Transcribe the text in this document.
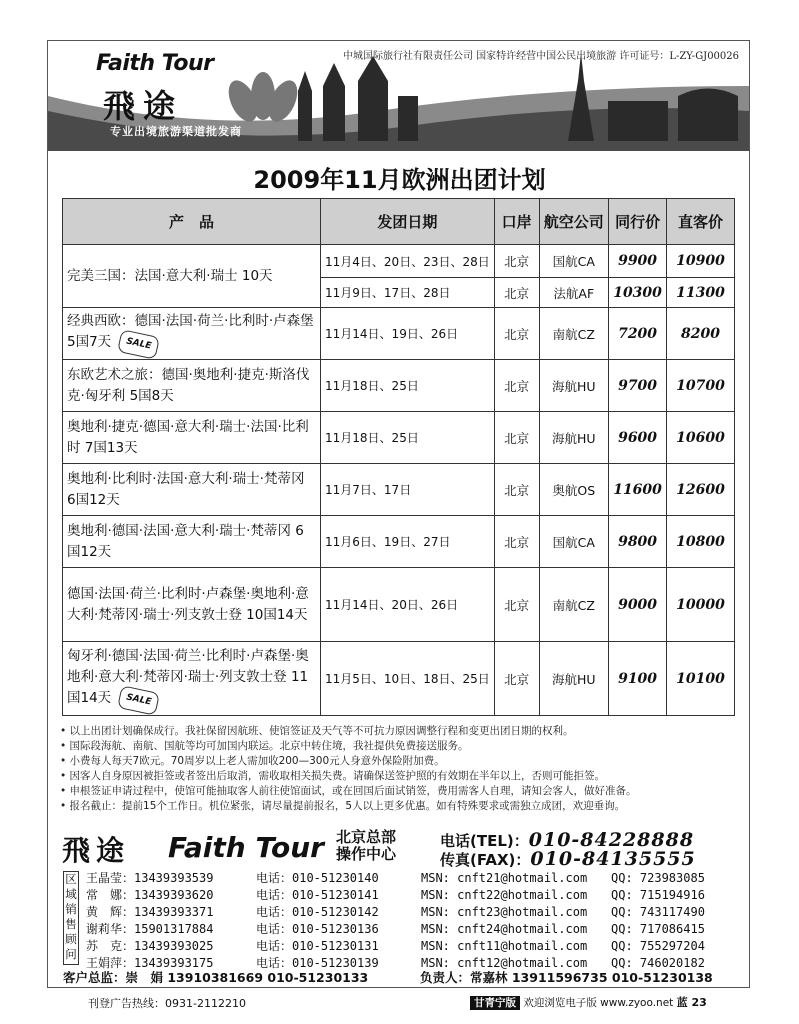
中城国际旅行社有限责任公司 国家特许经营中国公民出境旅游 许可证号：L-ZY-GJ00026
Faith Tour
飛途
专业出境旅游渠道批发商
2009年11月欧洲出团计划
产　品	发团日期	口岸	航空公司	同行价	直客价
完美三国：法国·意大利·瑞士 10天	11月4日、20日、23日、28日	北京	国航CA	9900	10900
	11月9日、17日、28日	北京	法航AF	10300	11300
经典西欧：德国·法国·荷兰·比利时·卢森堡 5国7天 SALE	11月14日、19日、26日	北京	南航CZ	7200	8200
东欧艺术之旅：德国·奥地利·捷克·斯洛伐克·匈牙利 5国8天	11月18日、25日	北京	海航HU	9700	10700
奥地利·捷克·德国·意大利·瑞士·法国·比利时 7国13天	11月18日、25日	北京	海航HU	9600	10600
奥地利·比利时·法国·意大利·瑞士·梵蒂冈 6国12天	11月7日、17日	北京	奥航OS	11600	12600
奥地利·德国·法国·意大利·瑞士·梵蒂冈 6国12天	11月6日、19日、27日	北京	国航CA	9800	10800
德国·法国·荷兰·比利时·卢森堡·奥地利·意大利·梵蒂冈·瑞士·列支敦士登 10国14天	11月14日、20日、26日	北京	南航CZ	9000	10000
匈牙利·德国·法国·荷兰·比利时·卢森堡·奥地利·意大利·梵蒂冈·瑞士·列支敦士登 11国14天 SALE	11月5日、10日、18日、25日	北京	海航HU	9100	10100
• 以上出团计划确保成行。我社保留因航班、使馆签证及天气等不可抗力原因调整行程和变更出团日期的权利。
• 国际段海航、南航、国航等均可加国内联运。北京中转住境，我社提供免费接送服务。
• 小费每人每天7欧元。70周岁以上老人需加收200—300元人身意外保险附加费。
• 因客人自身原因被拒签或者签出后取消，需收取相关损失费。请确保送签护照的有效期在半年以上，否则可能拒签。
• 申根签证申请过程中，使馆可能抽取客人前往使馆面试，或在回国后面试销签，费用需客人自理，请知会客人，做好准备。
• 报名截止：提前15个工作日。机位紧张，请尽量提前报名，5人以上更多优惠。如有特殊要求或需独立成团，欢迎垂询。
飛途 Faith Tour 北京总部操作中心
电话(TEL)：010-84228888
传真(FAX)：010-84135555
区域销售顾问
王晶莹：13439393539	电话：010-51230140	MSN: cnft21@hotmail.com	QQ: 723983085
常　娜：13439393620	电话：010-51230141	MSN: cnft22@hotmail.com	QQ: 715194916
黄　辉：13439393371	电话：010-51230142	MSN: cnft23@hotmail.com	QQ: 743117490
谢莉华：15901317884	电话：010-51230136	MSN: cnft24@hotmail.com	QQ: 717086415
苏　克：13439393025	电话：010-51230131	MSN: cnft11@hotmail.com	QQ: 755297204
王娟萍：13439393175	电话：010-51230139	MSN: cnft12@hotmail.com	QQ: 746020182
客户总监：崇　娟 13910381669 010-51230133	负责人：常嘉林 13911596735 010-51230138
刊登广告热线：0931-2112210	甘青宁版 欢迎浏览电子版 www.zyoo.net 蓝 23
